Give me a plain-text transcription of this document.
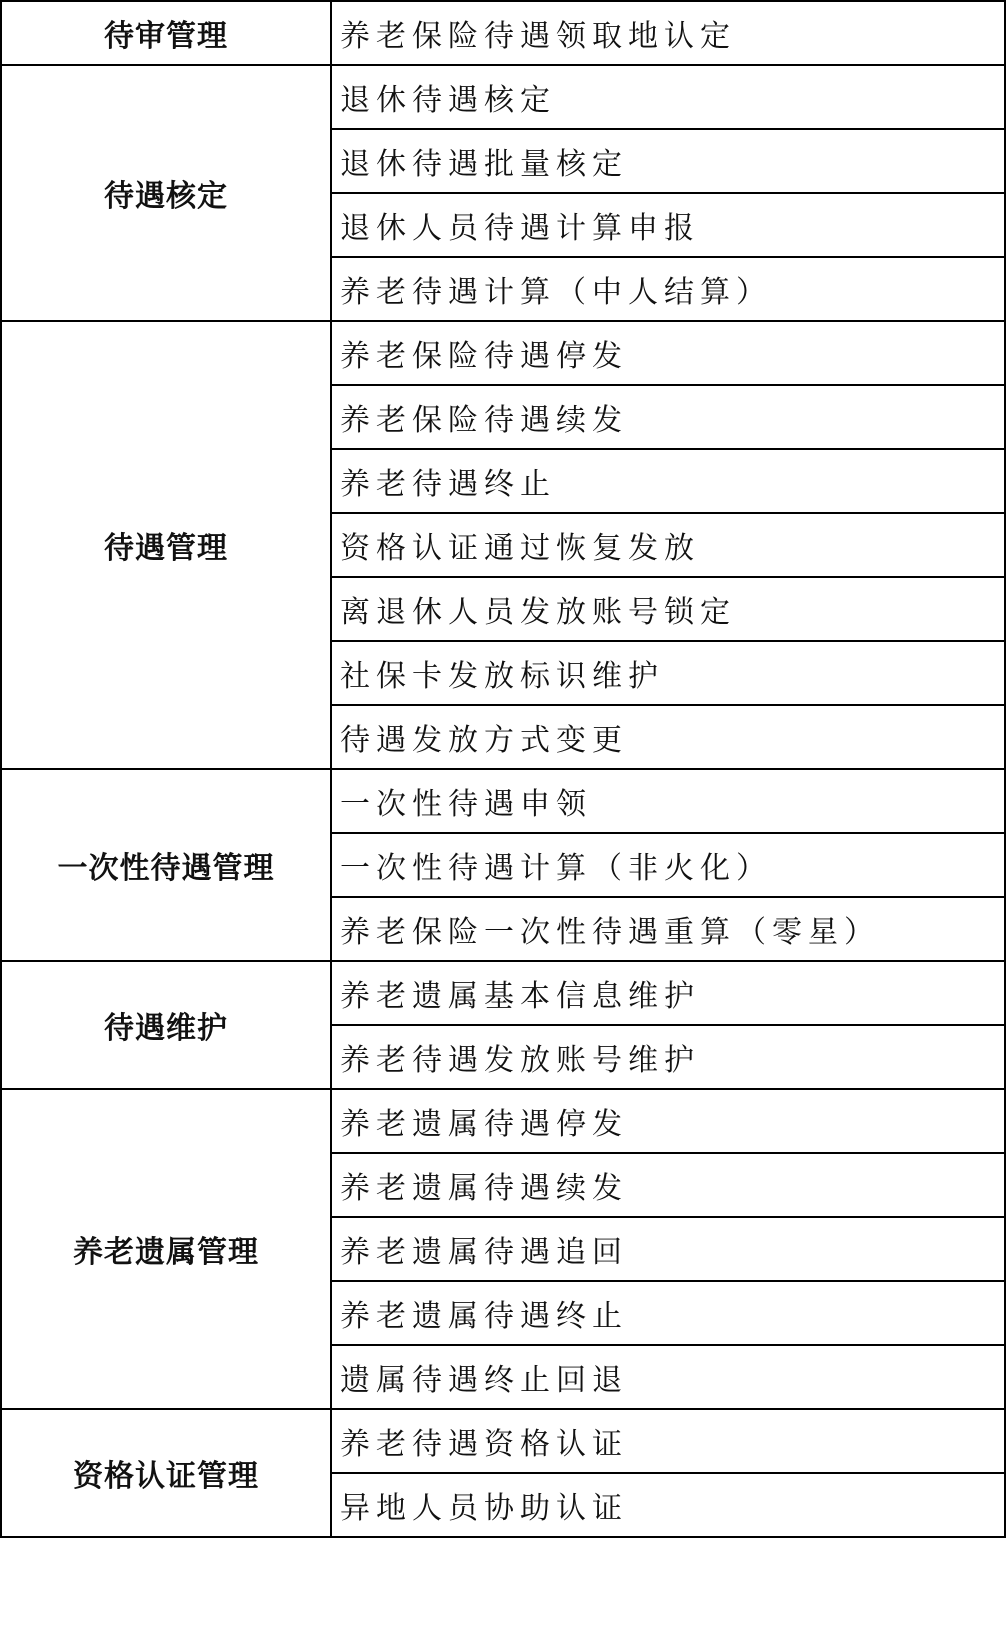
待审管理	养老保险待遇领取地认定
待遇核定	退休待遇核定
	退休待遇批量核定
	退休人员待遇计算申报
	养老待遇计算（中人结算）
待遇管理	养老保险待遇停发
	养老保险待遇续发
	养老待遇终止
	资格认证通过恢复发放
	离退休人员发放账号锁定
	社保卡发放标识维护
	待遇发放方式变更
一次性待遇管理	一次性待遇申领
	一次性待遇计算（非火化）
	养老保险一次性待遇重算（零星）
待遇维护	养老遗属基本信息维护
	养老待遇发放账号维护
养老遗属管理	养老遗属待遇停发
	养老遗属待遇续发
	养老遗属待遇追回
	养老遗属待遇终止
	遗属待遇终止回退
资格认证管理	养老待遇资格认证
	异地人员协助认证
